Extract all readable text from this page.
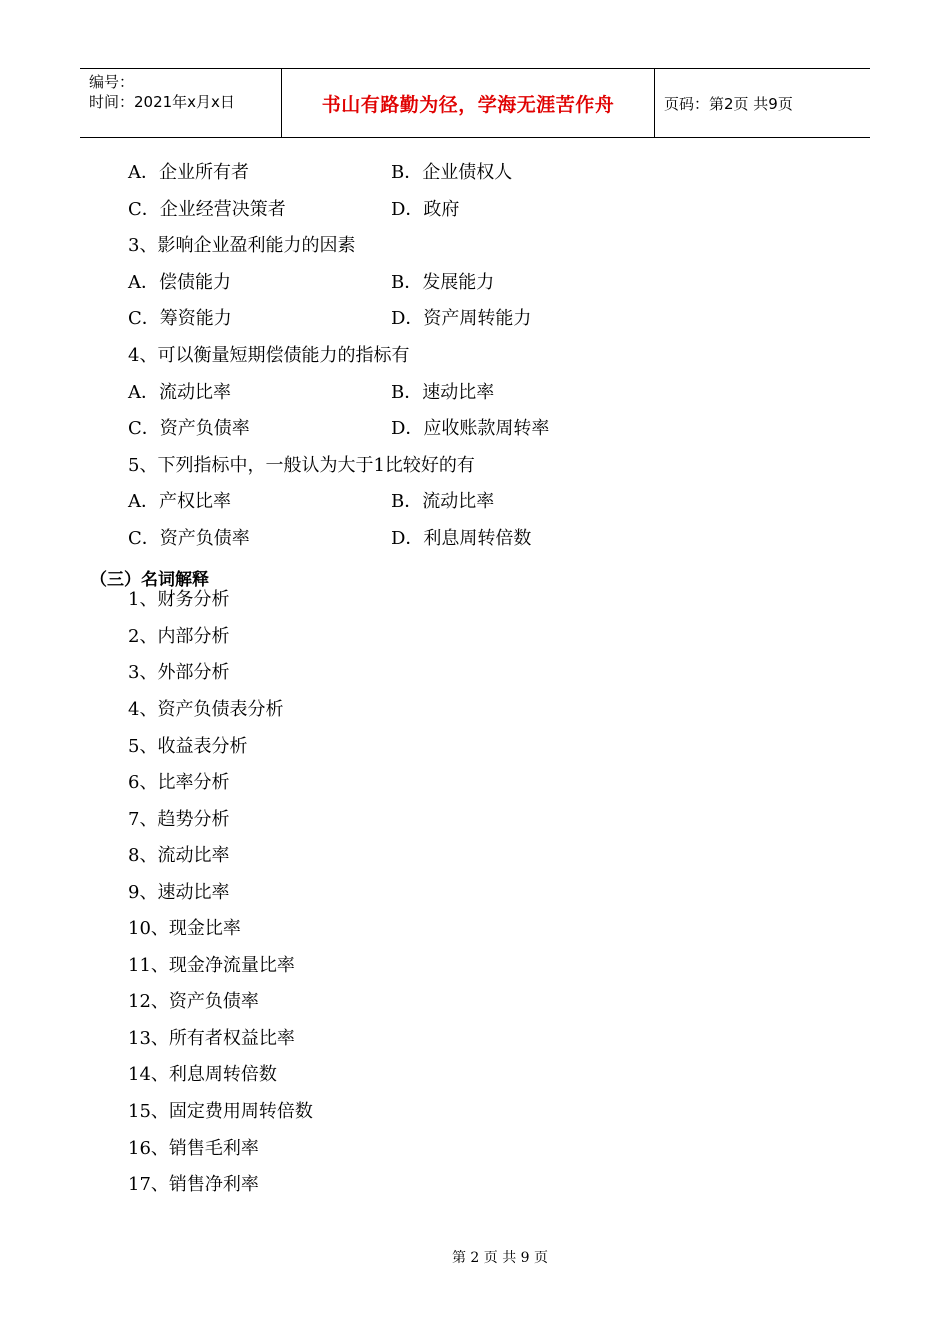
编号：
时间：2021年x月x日	书山有路勤为径，学海无涯苦作舟	页码：第2页 共9页
A．企业所有者	B．企业债权人
C．企业经营决策者	D．政府
3、影响企业盈利能力的因素
A．偿债能力	B．发展能力
C．筹资能力	D．资产周转能力
4、可以衡量短期偿债能力的指标有
A．流动比率	B．速动比率
C．资产负债率	D．应收账款周转率
5、下列指标中，一般认为大于1比较好的有
A．产权比率	B．流动比率
C．资产负债率	D．利息周转倍数
（三）名词解释
1、财务分析
2、内部分析
3、外部分析
4、资产负债表分析
5、收益表分析
6、比率分析
7、趋势分析
8、流动比率
9、速动比率
10、现金比率
11、现金净流量比率
12、资产负债率
13、所有者权益比率
14、利息周转倍数
15、固定费用周转倍数
16、销售毛利率
17、销售净利率
第 2 页 共 9 页
